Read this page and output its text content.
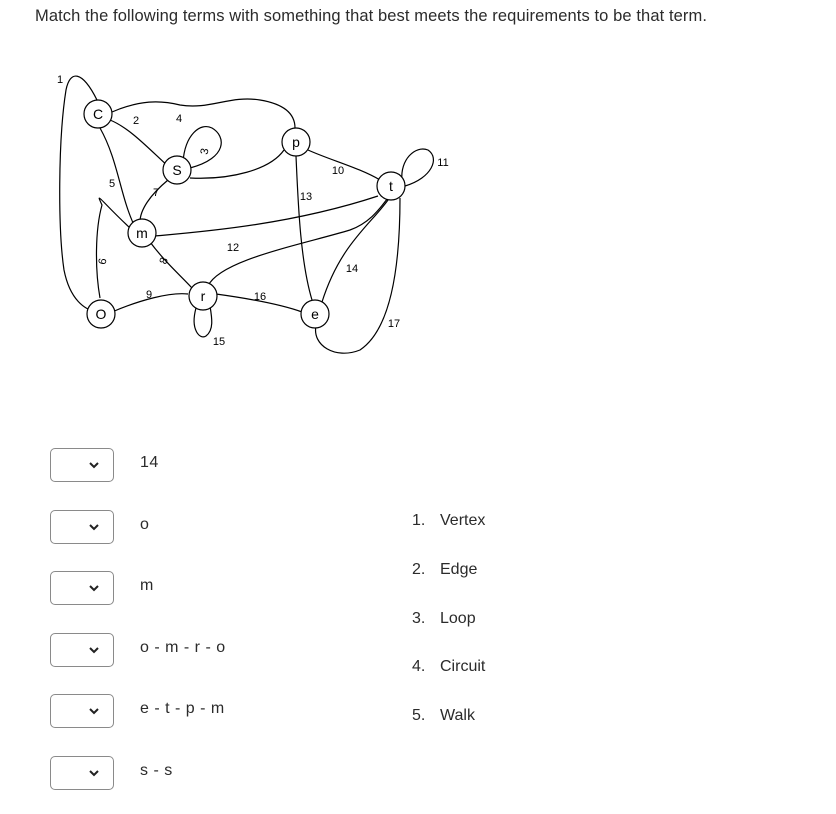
Match the following terms with something that best meets the requirements to be that term.
C
S
p
t
m
r
O	e
1
2
3
4
5
6
7
8
9
10
11
12
13
14
15
16
17
14
o
m
o - m - r - o
e - t - p - m
s - s
1. Vertex
2. Edge
3. Loop
4. Circuit
5. Walk
